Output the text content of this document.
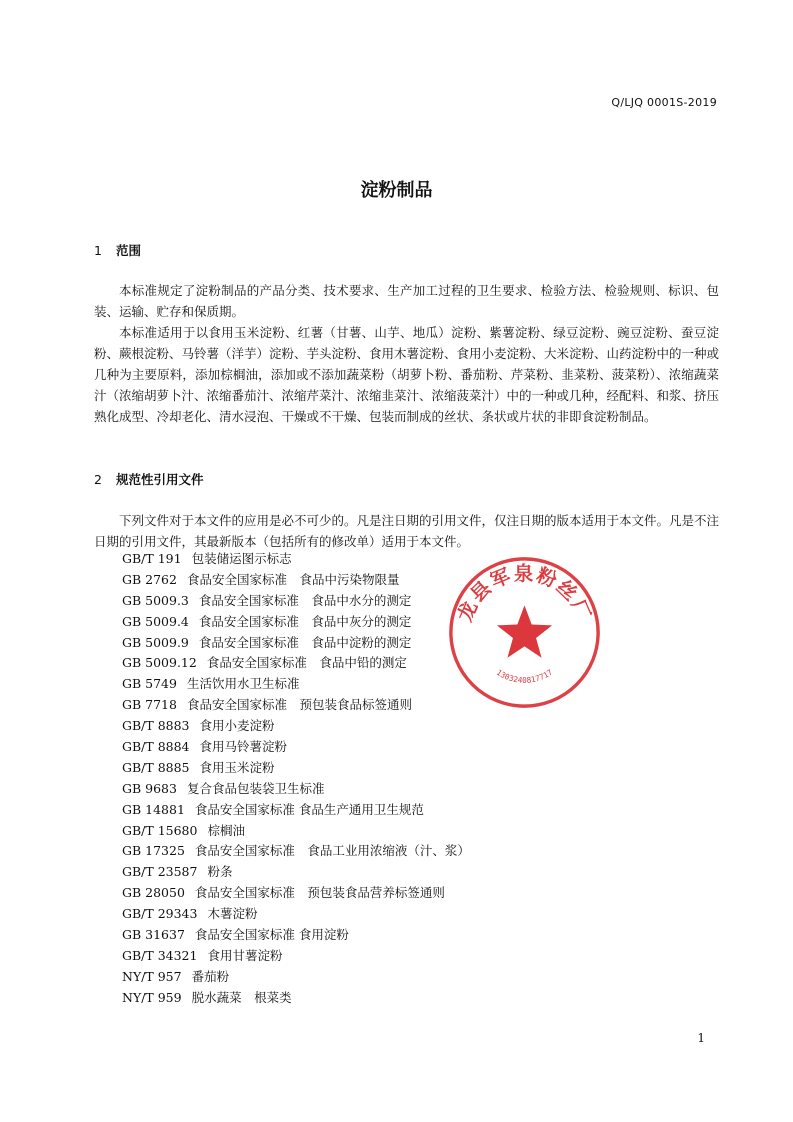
Q/LJQ 0001S-2019
淀粉制品
1 范围

本标准规定了淀粉制品的产品分类、技术要求、生产加工过程的卫生要求、检验方法、检验规则、标识、包装、运输、贮存和保质期。

本标准适用于以食用玉米淀粉、红薯（甘薯、山芋、地瓜）淀粉、紫薯淀粉、绿豆淀粉、豌豆淀粉、蚕豆淀粉、蕨根淀粉、马铃薯（洋芋）淀粉、芋头淀粉、食用木薯淀粉、食用小麦淀粉、大米淀粉、山药淀粉中的一种或几种为主要原料，添加棕榈油，添加或不添加蔬菜粉（胡萝卜粉、番茄粉、芹菜粉、韭菜粉、菠菜粉）、浓缩蔬菜汁（浓缩胡萝卜汁、浓缩番茄汁、浓缩芹菜汁、浓缩韭菜汁、浓缩菠菜汁）中的一种或几种，经配料、和浆、挤压熟化成型、冷却老化、清水浸泡、干燥或不干燥、包装而制成的丝状、条状或片状的非即食淀粉制品。

2 规范性引用文件

下列文件对于本文件的应用是必不可少的。凡是注日期的引用文件，仅注日期的版本适用于本文件。凡是不注日期的引用文件，其最新版本（包括所有的修改单）适用于本文件。

GB/T 191 包装储运图示标志
GB 2762 食品安全国家标准　食品中污染物限量
GB 5009.3 食品安全国家标准　食品中水分的测定
GB 5009.4 食品安全国家标准　食品中灰分的测定
GB 5009.9 食品安全国家标准　食品中淀粉的测定
GB 5009.12 食品安全国家标准　食品中铅的测定
GB 5749 生活饮用水卫生标准
GB 7718 食品安全国家标准　预包装食品标签通则
GB/T 8883 食用小麦淀粉
GB/T 8884 食用马铃薯淀粉
GB/T 8885 食用玉米淀粉
GB 9683 复合食品包装袋卫生标准
GB 14881 食品安全国家标准 食品生产通用卫生规范
GB/T 15680 棕榈油
GB 17325 食品安全国家标准　食品工业用浓缩液（汁、浆）
GB/T 23587 粉条
GB 28050 食品安全国家标准　预包装食品营养标签通则
GB/T 29343 木薯淀粉
GB 31637 食品安全国家标准 食用淀粉
GB/T 34321 食用甘薯淀粉
NY/T 957 番茄粉
NY/T 959 脱水蔬菜　根菜类
龙县军泉粉丝厂
1303240817717
1
